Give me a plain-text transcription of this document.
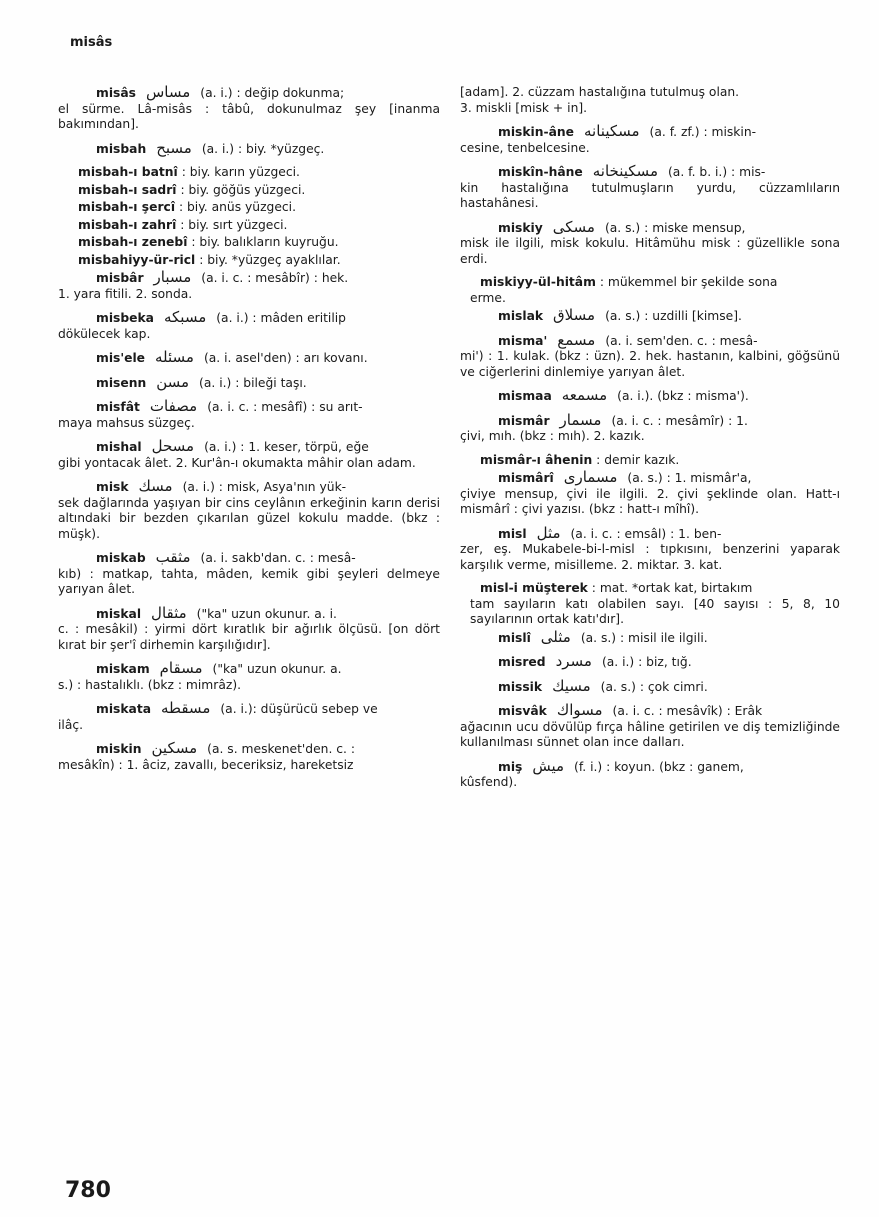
misâs
misâs مساس (a. i.) : değip dokunma;
el sürme. Lâ-misâs : tâbû, dokunulmaz şey [inanma bakımından].
misbah مسبح (a. i.) : biy. *yüzgeç.
misbah-ı batnî : biy. karın yüzgeci.
misbah-ı sadrî : biy. göğüs yüzgeci.
misbah-ı şercî : biy. anüs yüzgeci.
misbah-ı zahrî : biy. sırt yüzgeci.
misbah-ı zenebî : biy. balıkların kuyruğu.
misbahiyy-ür-ricl : biy. *yüzgeç ayaklılar.
misbâr مسبار (a. i. c. : mesâbîr) : hek.
1. yara fitili. 2. sonda.
misbeka مسبكه (a. i.) : mâden eritilip
dökülecek kap.
mis'ele مسئله (a. i. asel'den) : arı kovanı.
misenn مسن (a. i.) : bileği taşı.
misfât مصفات (a. i. c. : mesâfî) : su arıt-
maya mahsus süzgeç.
mishal مسحل (a. i.) : 1. keser, törpü, eğe
gibi yontacak âlet. 2. Kur'ân-ı okumakta mâhir olan adam.
misk مسك (a. i.) : misk, Asya'nın yük-
sek dağlarında yaşıyan bir cins ceylânın erkeğinin karın derisi altındaki bir bezden çıkarılan güzel kokulu madde. (bkz : müşk).
miskab مثقب (a. i. sakb'dan. c. : mesâ-
kıb) : matkap, tahta, mâden, kemik gibi şeyleri delmeye yarıyan âlet.
miskal مثقال ("ka" uzun okunur. a. i.
c. : mesâkil) : yirmi dört kıratlık bir ağırlık ölçüsü. [on dört kırat bir şer'î dirhemin karşılığıdır].
miskam مسقام ("ka" uzun okunur. a.
s.) : hastalıklı. (bkz : mimrâz).
miskata مسقطه (a. i.): düşürücü sebep ve
ilâç.
miskin مسكين (a. s. meskenet'den. c. :
mesâkîn) : 1. âciz, zavallı, beceriksiz, hareketsiz
[adam]. 2. cüzzam hastalığına tutulmuş olan.
3. miskli [misk + in].
miskin-âne مسكينانه (a. f. zf.) : miskin-
cesine, tenbelcesine.
miskîn-hâne مسكينخانه (a. f. b. i.) : mis-
kin hastalığına tutulmuşların yurdu, cüzzamlıların hastahânesi.
miskiy مسكى (a. s.) : miske mensup,
misk ile ilgili, misk kokulu. Hitâmühu misk : güzellikle sona erdi.
miskiyy-ül-hitâm : mükemmel bir şekilde sona
erme.
mislak مسلاق (a. s.) : uzdilli [kimse].
misma' مسمع (a. i. sem'den. c. : mesâ-
mi') : 1. kulak. (bkz : üzn). 2. hek. hastanın, kalbini, göğsünü ve ciğerlerini dinlemiye yarıyan âlet.
mismaa مسمعه (a. i.). (bkz : misma').
mismâr مسمار (a. i. c. : mesâmîr) : 1.
çivi, mıh. (bkz : mıh). 2. kazık.
mismâr-ı âhenin : demir kazık.
mismârî مسمارى (a. s.) : 1. mismâr'a,
çiviye mensup, çivi ile ilgili. 2. çivi şeklinde olan. Hatt-ı mismârî : çivi yazısı. (bkz : hatt-ı mîhî).
misl مثل (a. i. c. : emsâl) : 1. ben-
zer, eş. Mukabele-bi-l-misl : tıpkısını, benzerini yaparak karşılık verme, misilleme. 2. miktar. 3. kat.
misl-i müşterek : mat. *ortak kat, birtakım
tam sayıların katı olabilen sayı. [40 sayısı : 5, 8, 10 sayılarının ortak katı'dır].
mislî مثلى (a. s.) : misil ile ilgili.
misred مسرد (a. i.) : biz, tığ.
missik مسيك (a. s.) : çok cimri.
misvâk مسواك (a. i. c. : mesâvîk) : Erâk
ağacının ucu dövülüp fırça hâline getirilen ve diş temizliğinde kullanılması sünnet olan ince dalları.
miş ميش (f. i.) : koyun. (bkz : ganem,
kûsfend).
780
